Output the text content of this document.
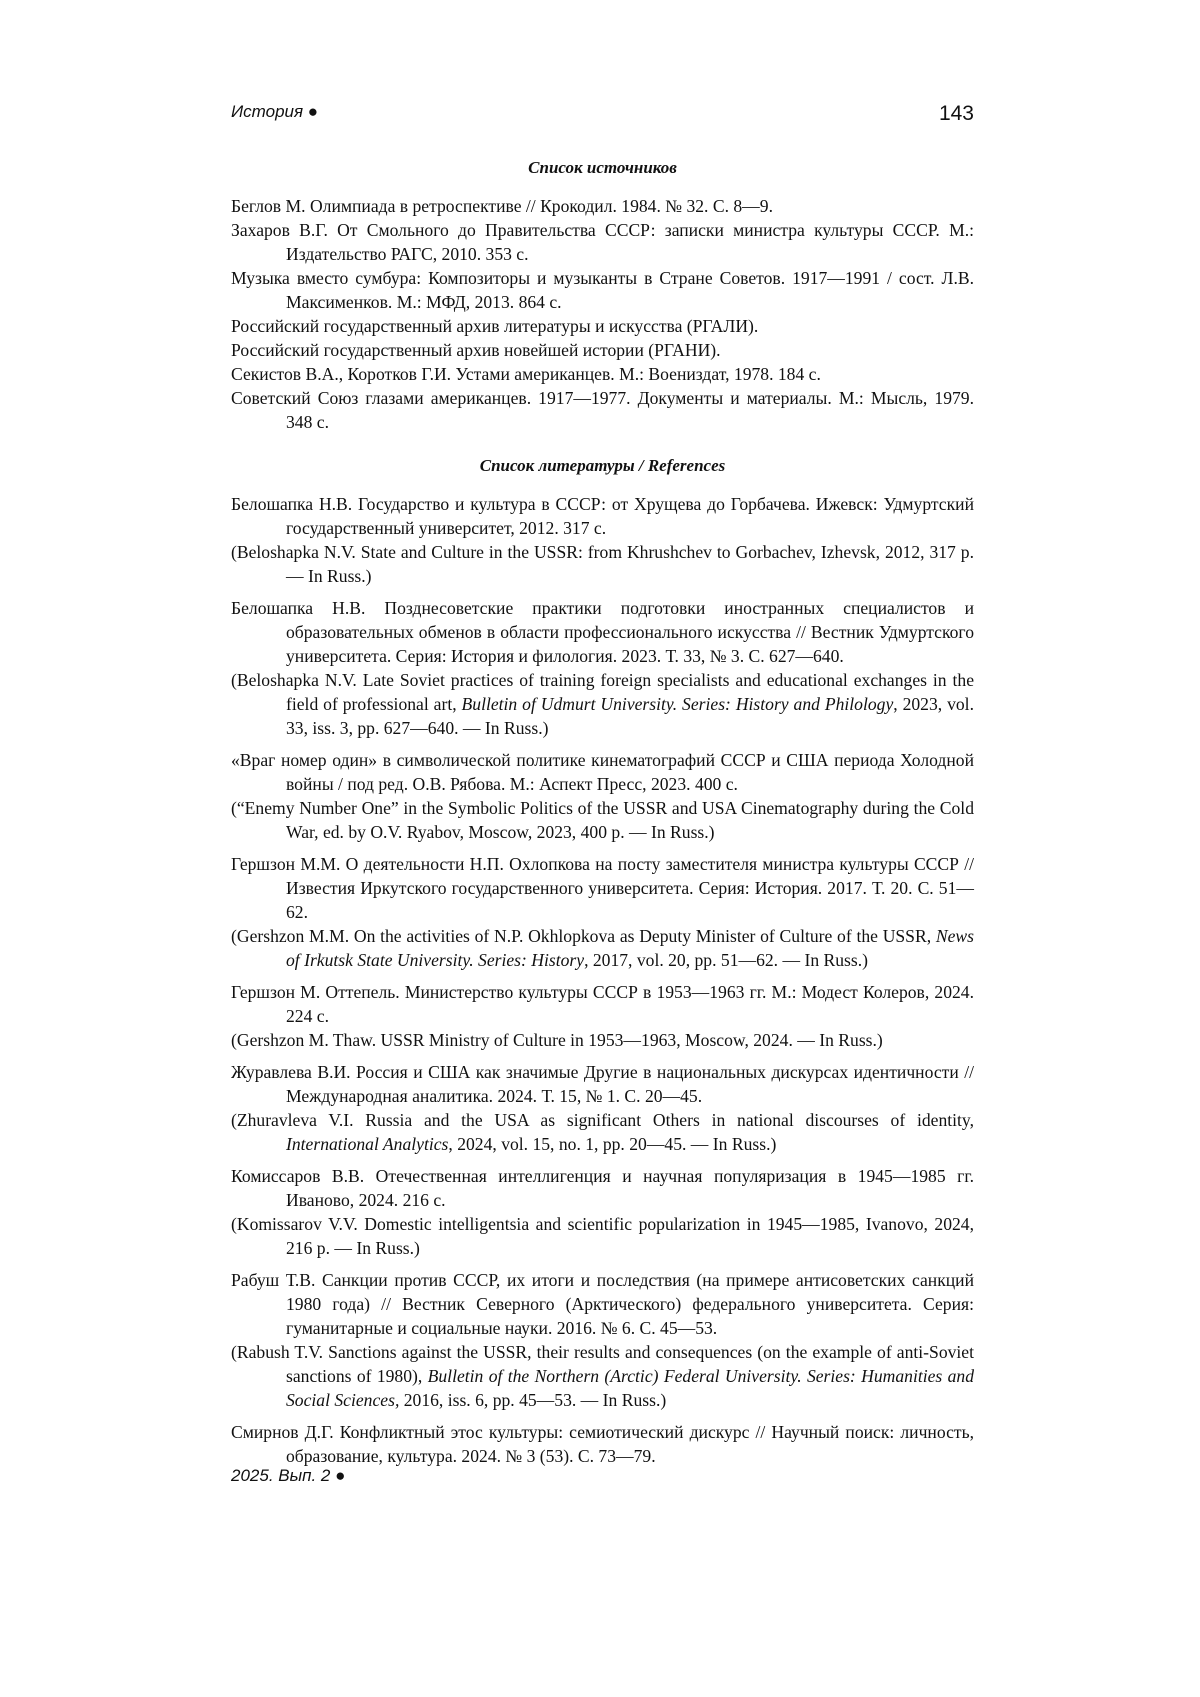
История ●	143
Список источников

Беглов М. Олимпиада в ретроспективе // Крокодил. 1984. № 32. С. 8—9.

Захаров В.Г. От Смольного до Правительства СССР: записки министра культуры СССР. М.: Издательство РАГС, 2010. 353 с.

Музыка вместо сумбура: Композиторы и музыканты в Стране Советов. 1917—1991 / сост. Л.В. Максименков. М.: МФД, 2013. 864 с.

Российский государственный архив литературы и искусства (РГАЛИ).

Российский государственный архив новейшей истории (РГАНИ).

Секистов В.А., Коротков Г.И. Устами американцев. М.: Воениздат, 1978. 184 с.

Советский Союз глазами американцев. 1917—1977. Документы и материалы. М.: Мысль, 1979. 348 с.

Список литературы / References

Белошапка Н.В. Государство и культура в СССР: от Хрущева до Горбачева. Ижевск: Удмуртский государственный университет, 2012. 317 с.

(Beloshapka N.V. State and Culture in the USSR: from Khrushchev to Gorbachev, Izhevsk, 2012, 317 p. — In Russ.)

Белошапка Н.В. Позднесоветские практики подготовки иностранных специалистов и образовательных обменов в области профессионального искусства // Вестник Удмуртского университета. Серия: История и филология. 2023. Т. 33, № 3. С. 627—640.

(Beloshapka N.V. Late Soviet practices of training foreign specialists and educational exchanges in the field of professional art, Bulletin of Udmurt University. Series: History and Philology, 2023, vol. 33, iss. 3, pp. 627—640. — In Russ.)

«Враг номер один» в символической политике кинематографий СССР и США периода Холодной войны / под ред. О.В. Рябова. М.: Аспект Пресс, 2023. 400 с.

(“Enemy Number One” in the Symbolic Politics of the USSR and USA Cinematography during the Cold War, ed. by O.V. Ryabov, Moscow, 2023, 400 p. — In Russ.)

Гершзон М.М. О деятельности Н.П. Охлопкова на посту заместителя министра культуры СССР // Известия Иркутского государственного университета. Серия: История. 2017. Т. 20. С. 51—62.

(Gershzon M.M. On the activities of N.P. Okhlopkova as Deputy Minister of Culture of the USSR, News of Irkutsk State University. Series: History, 2017, vol. 20, pp. 51—62. — In Russ.)

Гершзон М. Оттепель. Министерство культуры СССР в 1953—1963 гг. М.: Модест Колеров, 2024. 224 с.

(Gershzon M. Thaw. USSR Ministry of Culture in 1953—1963, Moscow, 2024. — In Russ.)

Журавлева В.И. Россия и США как значимые Другие в национальных дискурсах идентичности // Международная аналитика. 2024. Т. 15, № 1. С. 20—45.

(Zhuravleva V.I. Russia and the USA as significant Others in national discourses of identity, International Analytics, 2024, vol. 15, no. 1, pp. 20—45. — In Russ.)

Комиссаров В.В. Отечественная интеллигенция и научная популяризация в 1945—1985 гг. Иваново, 2024. 216 с.

(Komissarov V.V. Domestic intelligentsia and scientific popularization in 1945—1985, Ivanovo, 2024, 216 p. — In Russ.)

Рабуш Т.В. Санкции против СССР, их итоги и последствия (на примере антисоветских санкций 1980 года) // Вестник Северного (Арктического) федерального университета. Серия: гуманитарные и социальные науки. 2016. № 6. С. 45—53.

(Rabush T.V. Sanctions against the USSR, their results and consequences (on the example of anti-Soviet sanctions of 1980), Bulletin of the Northern (Arctic) Federal University. Series: Humanities and Social Sciences, 2016, iss. 6, pp. 45—53. — In Russ.)

Смирнов Д.Г. Конфликтный этос культуры: семиотический дискурс // Научный поиск: личность, образование, культура. 2024. № 3 (53). С. 73—79.

2025. Вып. 2 ●
